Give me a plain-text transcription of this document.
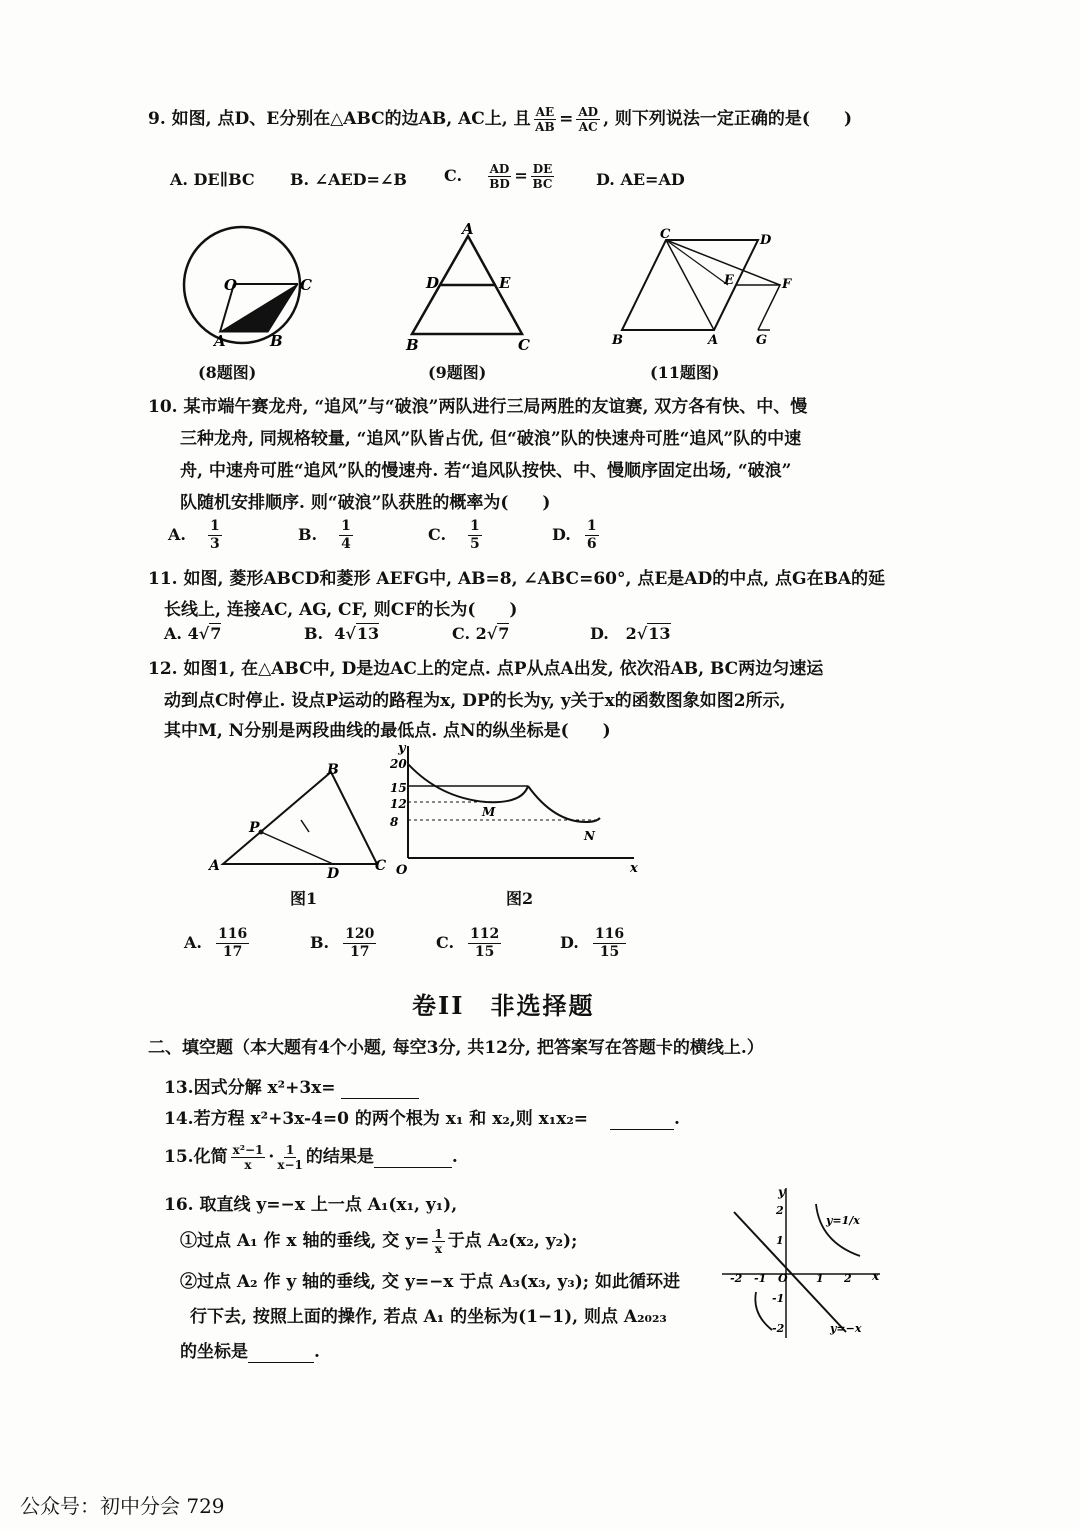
9. 如图, 点D、E分别在△ABC的边AB, AC上, 且 $\frac{AE}{AB} = \frac{AD}{AC}$ , 则下列说法一定正确的是(　　)
A. DE∥BC B. ∠AED=∠B C. $\frac{AD}{BD} = \frac{DE}{BC}$	D. AE=AD
O	C
A	B
(8题图)
A
D	E
B	C
(9题图)
B
C	D
E	F
A	G
(11题图)
10. 某市端午赛龙舟, “追风”与“破浪”两队进行三局两胜的友谊赛, 双方各有快、中、慢
三种龙舟, 同规格较量, “追风”队皆占优, 但“破浪”队的快速舟可胜“追风”队的中速
舟, 中速舟可胜“追风”队的慢速舟. 若“追风队按快、中、慢顺序固定出场, “破浪”
队随机安排顺序. 则“破浪”队获胜的概率为(　　)
A. $\frac{1}{3}$	B. $\frac{1}{4}$	C. $\frac{1}{5}$	D. $\frac{1}{6}$
11. 如图, 菱形ABCD和菱形 AEFG中, AB=8, ∠ABC=60°, 点E是AD的中点, 点G在BA的延
长线上, 连接AC, AG, CF, 则CF的长为(　　)
A. 4√7	B. 4√13	C. 2√7	D. 2√13
12. 如图1, 在△ABC中, D是边AC上的定点. 点P从点A出发, 依次沿AB, BC两边匀速运
动到点C时停止. 设点P运动的路程为x, DP的长为y, y关于x的函数图象如图2所示,
其中M, N分别是两段曲线的最低点. 点N的纵坐标是(　　)
A
B
C
P
D
图1
y
x
O
20
15
12
8
M
N
图2
A. $\frac{116}{17}$	B. $\frac{120}{17}$	C. $\frac{112}{15}$	D. $\frac{116}{15}$
卷II　非选择题
二、填空题（本大题有4个小题, 每空3分, 共12分, 把答案写在答题卡的横线上.）
13.因式分解 x²+3x=
14.若方程 x²+3x-4=0 的两个根为 x₁ 和 x₂,则 x₁x₂=	.
15.化简 $\frac{\text{x²−1}}{x} \cdot \frac{1}{x-1}$ 的结果是	.
16. 取直线 y=−x 上一点 A₁(x₁, y₁),
①过点 A₁ 作 x 轴的垂线, 交 $y= \frac{1}{x}$ 于点 A₂(x₂, y₂);
②过点 A₂ 作 y 轴的垂线, 交 y=−x 于点 A₃(x₃, y₃); 如此循环进
行下去, 按照上面的操作, 若点 A₁ 的坐标为(1−1), 则点 A₂₀₂₃
的坐标是	.
y
x
2
1
-2 -1 O	1 2
-1
-2
y=1/x
y=−x
公众号：初中分会 729
